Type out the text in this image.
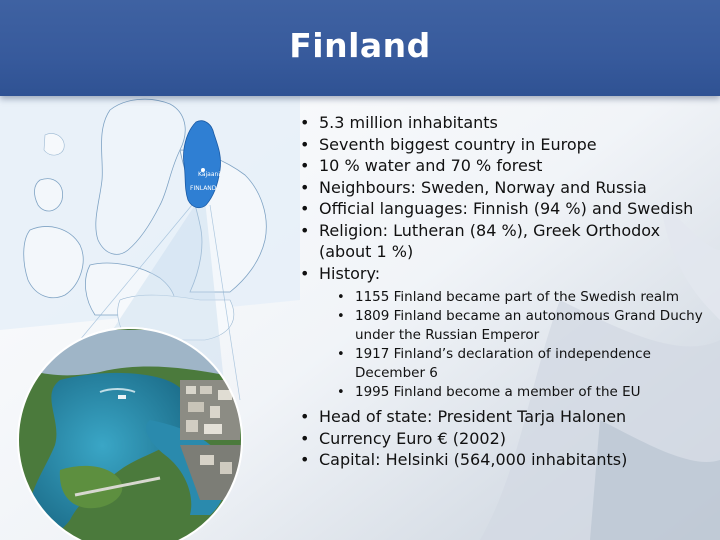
Kajaani
FINLAND
Finland
• 5.3 million inhabitants
• Seventh biggest country in Europe
• 10 % water and 70 % forest
• Neighbours: Sweden, Norway and Russia
• Official languages: Finnish (94 %) and Swedish
• Religion: Lutheran (84 %), Greek Orthodox (about 1 %)
• History:
• 1155 Finland became part of the Swedish realm
• 1809 Finland became an autonomous Grand Duchy under the Russian Emperor
• 1917 Finland’s declaration of independence December 6
• 1995 Finland become a member of the EU
• Head of state: President Tarja Halonen
• Currency Euro € (2002)
• Capital: Helsinki (564,000 inhabitants)
